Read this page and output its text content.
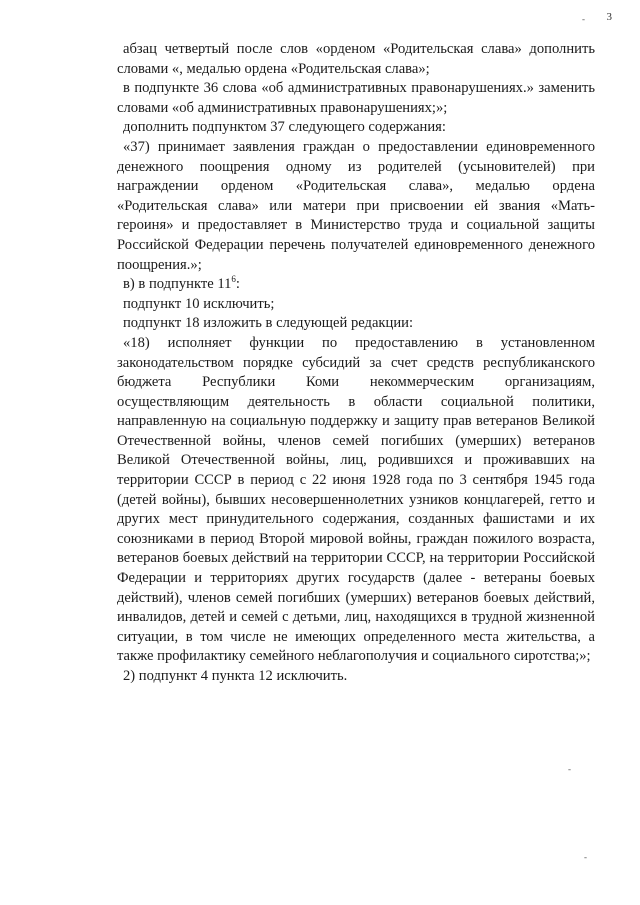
3
-
-
-

абзац четвертый после слов «орденом «Родительская слава» дополнить словами «, медалью ордена «Родительская слава»;

в подпункте 36 слова «об административных правонарушениях.» заменить словами «об административных правонарушениях;»;

дополнить подпунктом 37 следующего содержания:

«37) принимает заявления граждан о предоставлении единовременного денежного поощрения одному из родителей (усыновителей) при награждении орденом «Родительская слава», медалью ордена «Родительская слава» или матери при присвоении ей звания «Мать-героиня» и предоставляет в Министерство труда и социальной защиты Российской Федерации перечень получателей единовременного денежного поощрения.»;

в) в подпункте $11^6$:

подпункт 10 исключить;

подпункт 18 изложить в следующей редакции:

«18) исполняет функции по предоставлению в установленном законодательством порядке субсидий за счет средств республиканского бюджета Республики Коми некоммерческим организациям, осуществляющим деятельность в области социальной политики, направленную на социальную поддержку и защиту прав ветеранов Великой Отечественной войны, членов семей погибших (умерших) ветеранов Великой Отечественной войны, лиц, родившихся и проживавших на территории СССР в период с 22 июня 1928 года по 3 сентября 1945 года (детей войны), бывших несовершеннолетних узников концлагерей, гетто и других мест принудительного содержания, созданных фашистами и их союзниками в период Второй мировой войны, граждан пожилого возраста, ветеранов боевых действий на территории СССР, на территории Российской Федерации и территориях других государств (далее - ветераны боевых действий), членов семей погибших (умерших) ветеранов боевых действий, инвалидов, детей и семей с детьми, лиц, находящихся в трудной жизненной ситуации, в том числе не имеющих определенного места жительства, а также профилактику семейного неблагополучия и социального сиротства;»;

2) подпункт 4 пункта 12 исключить.
